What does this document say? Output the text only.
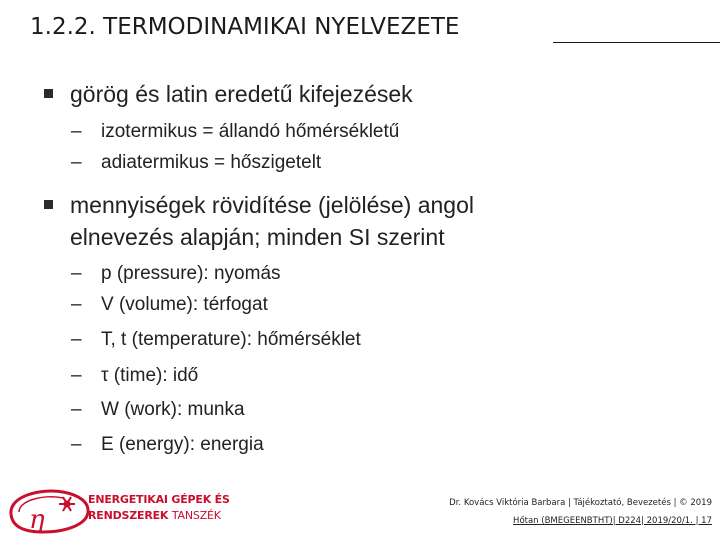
1.2.2. TERMODINAMIKAI NYELVEZETE
görög és latin eredetű kifejezések
– izotermikus = állandó hőmérsékletű
– adiatermikus = hőszigetelt
mennyiségek rövidítése (jelölése) angol
elnevezés alapján; minden SI szerint
– p (pressure): nyomás
– V (volume): térfogat
– T, t (temperature): hőmérséklet
– τ (time): idő
– W (work): munka
– E (energy): energia
η
ENERGETIKAI GÉPEK ÉS
RENDSZEREK TANSZÉK
Dr. Kovács Viktória Barbara | Tájékoztató, Bevezetés | © 2019
Hőtan (BMEGEENBTHT)| D224| 2019/20/1. | 17
